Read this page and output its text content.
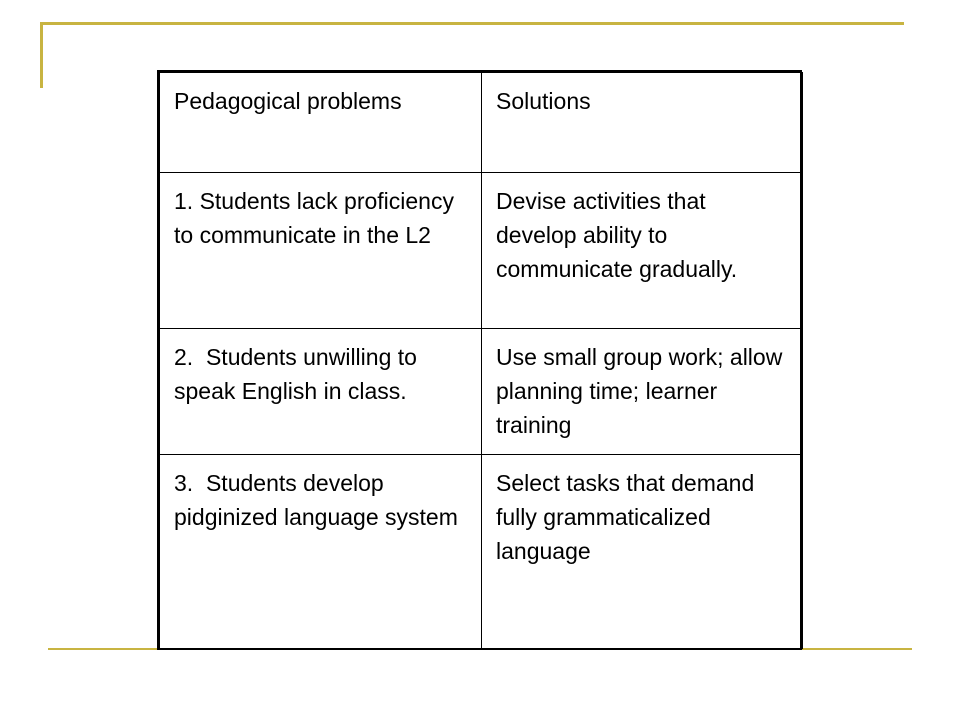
Pedagogical problems	Solutions
1. Students lack proficiency to communicate in the L2	Devise activities that develop ability to communicate gradually.
2.  Students unwilling to speak English in class.	Use small group work; allow planning time; learner training
3.  Students develop pidginized language system	Select tasks that demand fully grammaticalized language
